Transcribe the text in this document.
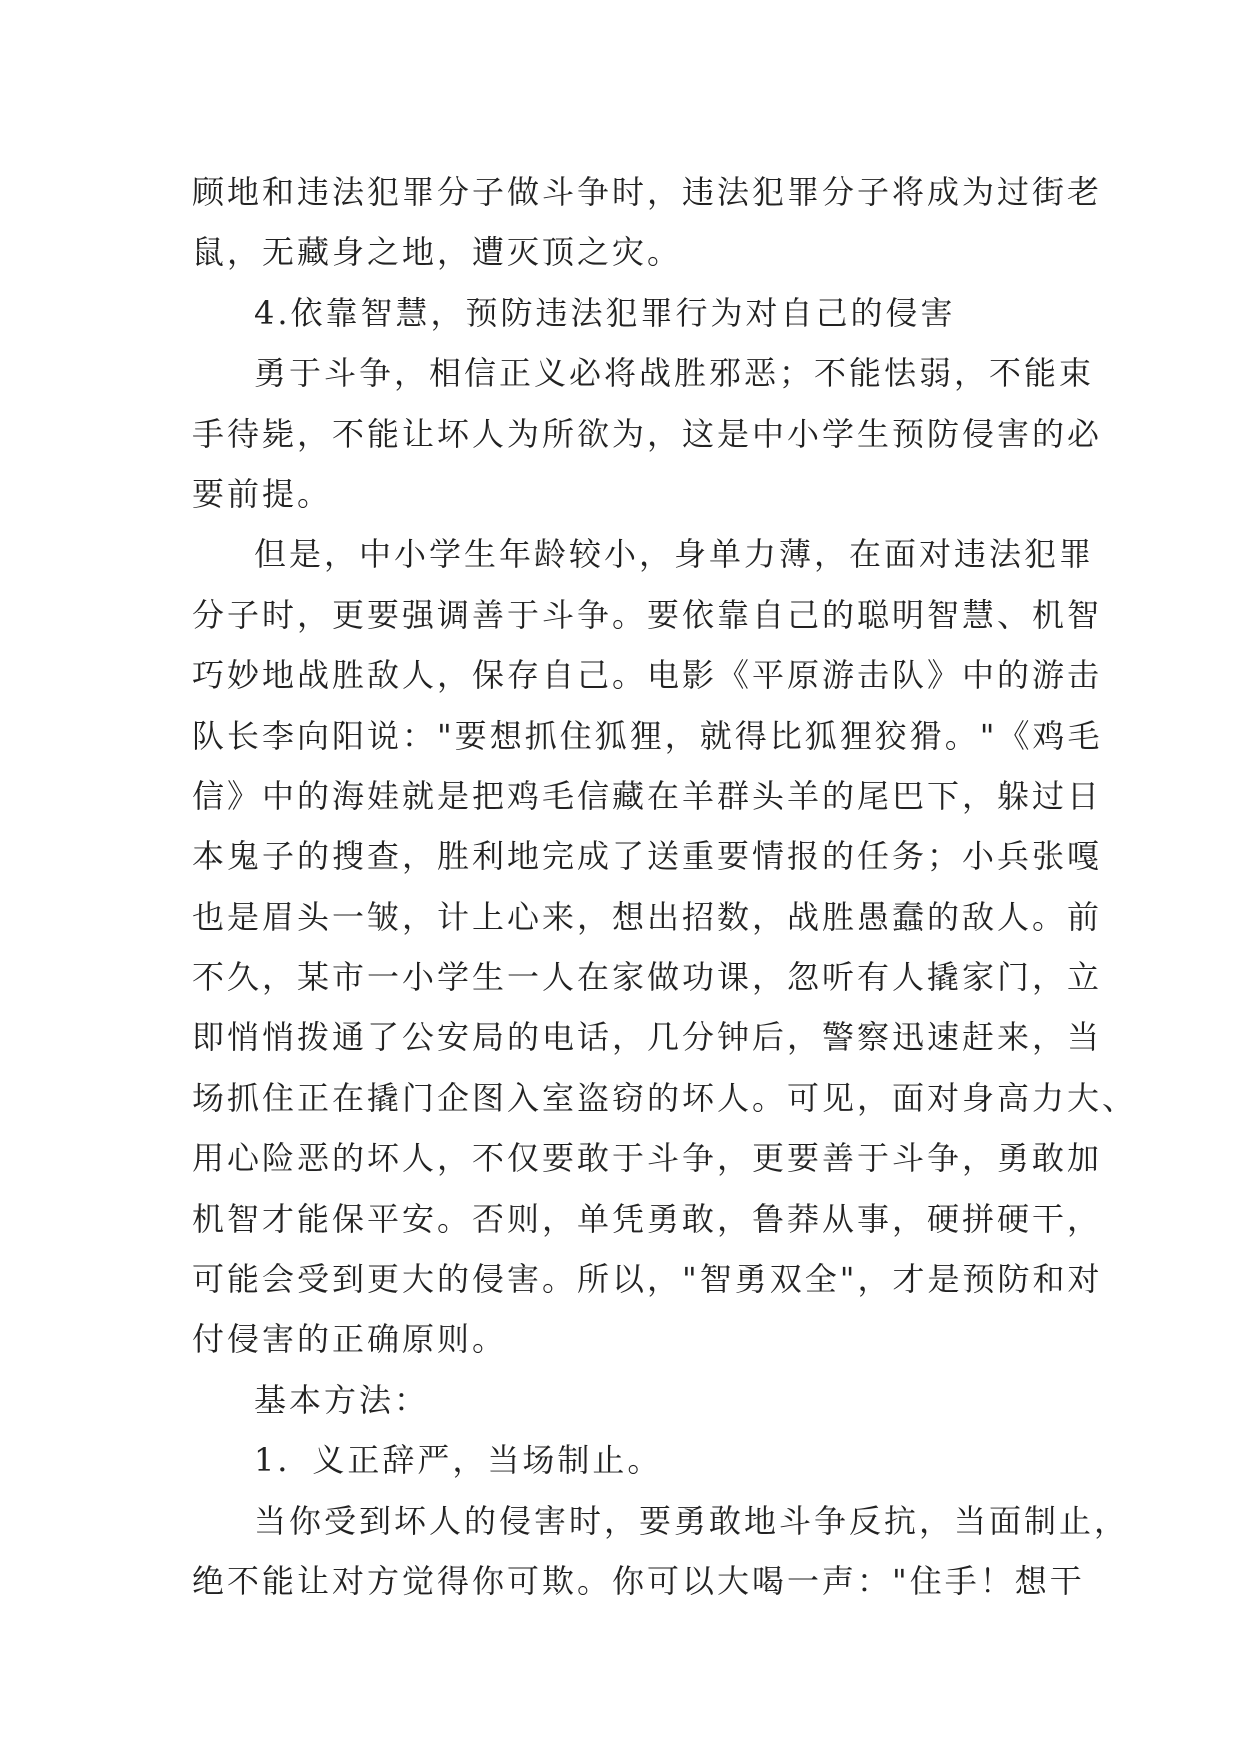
顾地和违法犯罪分子做斗争时，违法犯罪分子将成为过街老
鼠，无藏身之地，遭灭顶之灾。
4.依靠智慧，预防违法犯罪行为对自己的侵害
勇于斗争，相信正义必将战胜邪恶；不能怯弱，不能束
手待毙，不能让坏人为所欲为，这是中小学生预防侵害的必
要前提。
但是，中小学生年龄较小，身单力薄，在面对违法犯罪
分子时，更要强调善于斗争。要依靠自己的聪明智慧、机智
巧妙地战胜敌人，保存自己。电影《平原游击队》中的游击
队长李向阳说："要想抓住狐狸，就得比狐狸狡猾。"《鸡毛
信》中的海娃就是把鸡毛信藏在羊群头羊的尾巴下，躲过日
本鬼子的搜查，胜利地完成了送重要情报的任务；小兵张嘎
也是眉头一皱，计上心来，想出招数，战胜愚蠢的敌人。前
不久，某市一小学生一人在家做功课，忽听有人撬家门，立
即悄悄拨通了公安局的电话，几分钟后，警察迅速赶来，当
场抓住正在撬门企图入室盗窃的坏人。可见，面对身高力大、
用心险恶的坏人，不仅要敢于斗争，更要善于斗争，勇敢加
机智才能保平安。否则，单凭勇敢，鲁莽从事，硬拼硬干，
可能会受到更大的侵害。所以，"智勇双全"，才是预防和对
付侵害的正确原则。
基本方法：
1．义正辞严，当场制止。
当你受到坏人的侵害时，要勇敢地斗争反抗，当面制止，
绝不能让对方觉得你可欺。你可以大喝一声："住手！想干
